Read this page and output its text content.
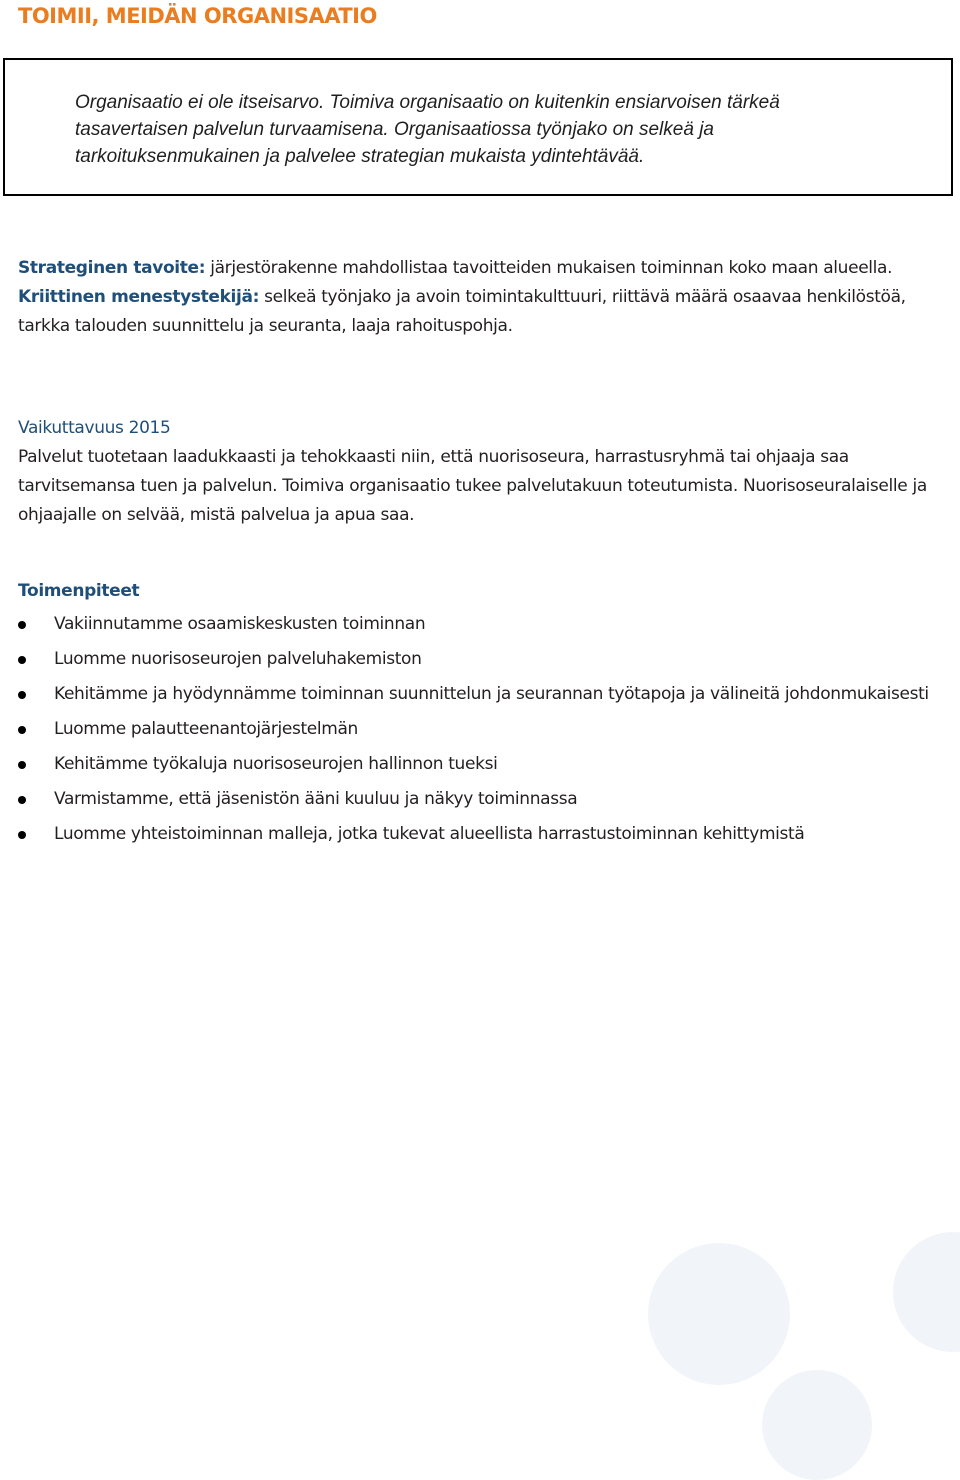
TOIMII, MEIDÄN ORGANISAATIO

Organisaatio ei ole itseisarvo. Toimiva organisaatio on kuitenkin ensiarvoisen tärkeä tasavertaisen palvelun turvaamisena. Organisaatiossa työnjako on selkeä ja tarkoituksenmukainen ja palvelee strategian mukaista ydintehtävää.

Strateginen tavoite: järjestörakenne mahdollistaa tavoitteiden mukaisen toiminnan koko maan alueella.

Kriittinen menestystekijä: selkeä työnjako ja avoin toimintakulttuuri, riittävä määrä osaavaa henkilöstöä, tarkka talouden suunnittelu ja seuranta, laaja rahoituspohja.

Vaikuttavuus 2015

Palvelut tuotetaan laadukkaasti ja tehokkaasti niin, että nuorisoseura, harrastusryhmä tai ohjaaja saa tarvitsemansa tuen ja palvelun. Toimiva organisaatio tukee palvelutakuun toteutumista. Nuorisoseuralaiselle ja ohjaajalle on selvää, mistä palvelua ja apua saa.

Toimenpiteet

Vakiinnutamme osaamiskeskusten toiminnan
Luomme nuorisoseurojen palveluhakemiston
Kehitämme ja hyödynnämme toiminnan suunnittelun ja seurannan työtapoja ja välineitä johdonmukaisesti
Luomme palautteenantojärjestelmän
Kehitämme työkaluja nuorisoseurojen hallinnon tueksi
Varmistamme, että jäsenistön ääni kuuluu ja näkyy toiminnassa
Luomme yhteistoiminnan malleja, jotka tukevat alueellista harrastustoiminnan kehittymistä
